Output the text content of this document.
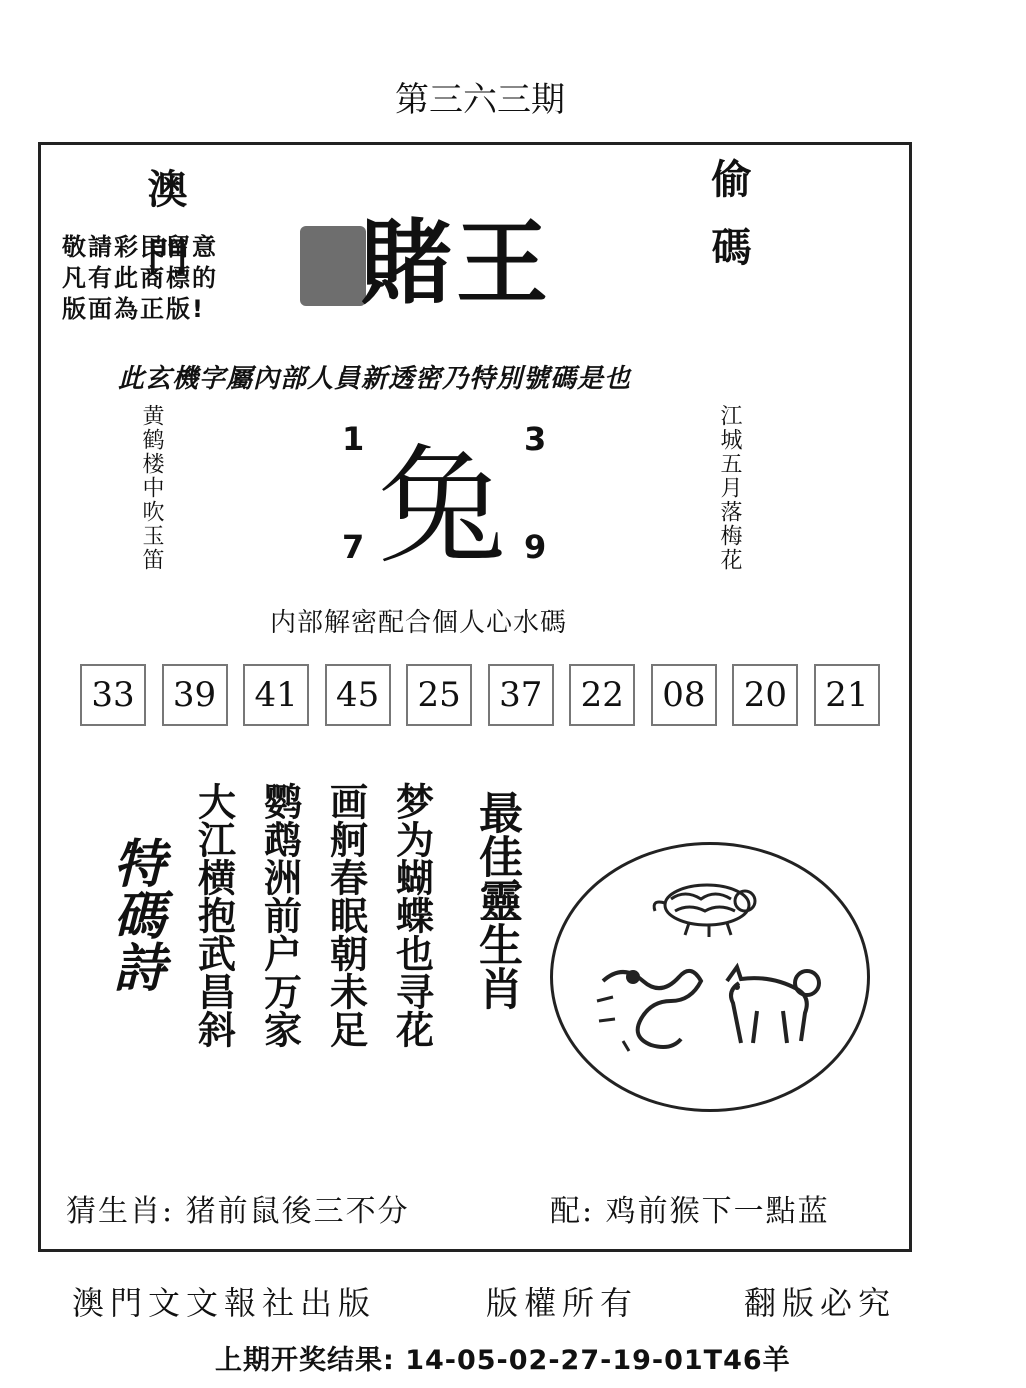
第三六三期
澳門	偷碼
敬請彩民留意
凡有此商標的
版面為正版!	賭王
此玄機字屬內部人員新透密乃特別號碼是也
黄鹤楼中吹玉笛	江城五月落梅花
兔
1	3
7	9
内部解密配合個人心水碼
33	39	41	45	25	37	22	08	20	21
特碼詩 大江横抱武昌斜 鹦鹉洲前户万家 画舸春眠朝未足 梦为蝴蝶也寻花 最佳靈生肖
猜生肖: 猪前鼠後三不分	配: 鸡前猴下一點蓝
澳門文文報社出版	版權所有	翻版必究
上期开奖结果: 14-05-02-27-19-01T46羊
